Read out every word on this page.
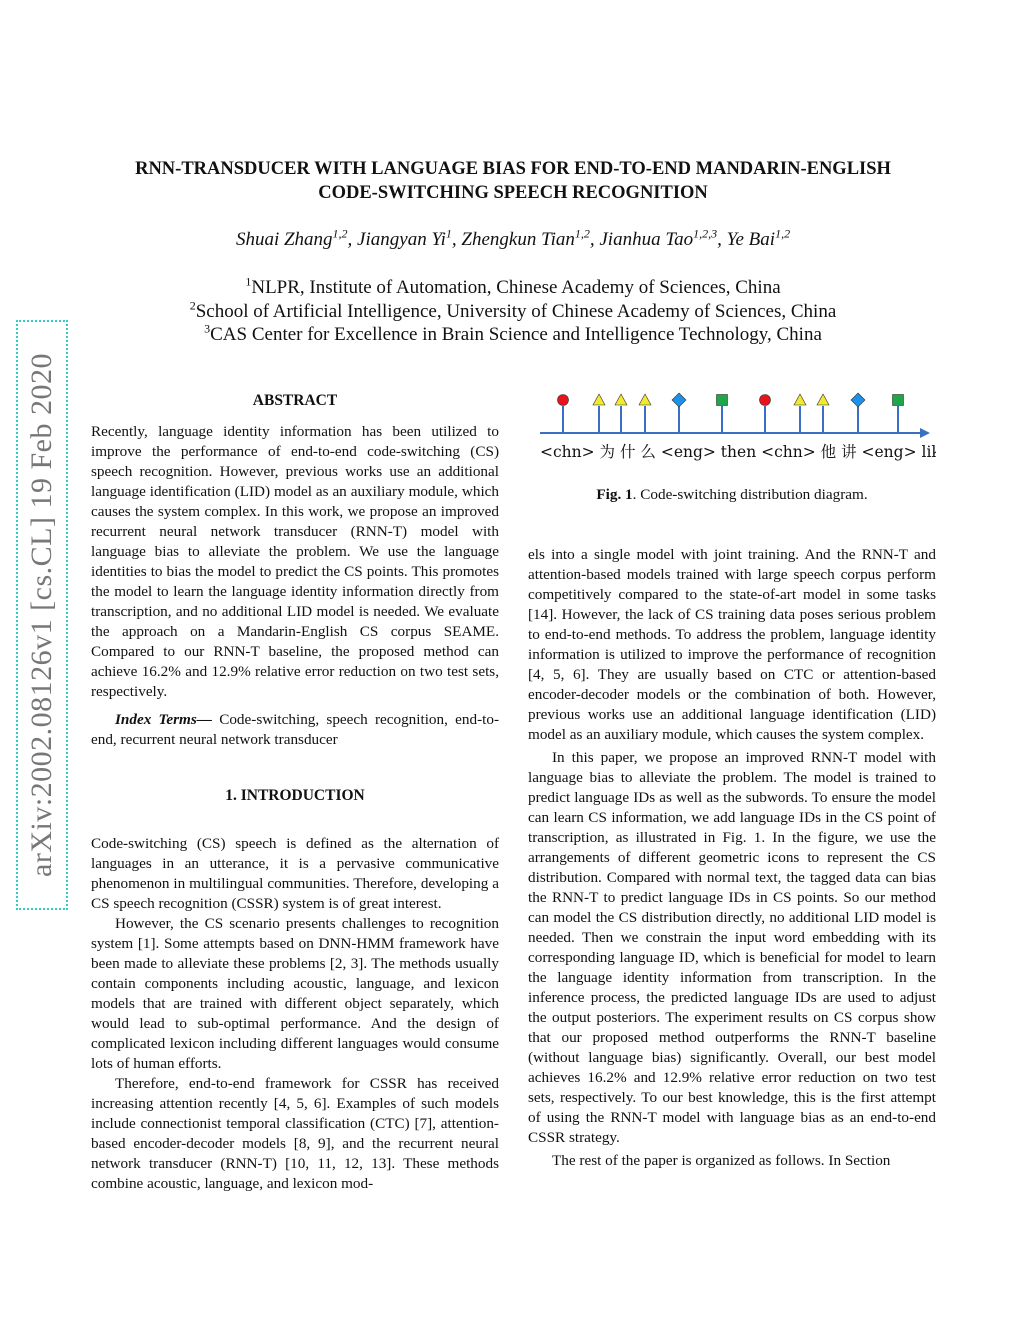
arXiv:2002.08126v1 [cs.CL] 19 Feb 2020
RNN-TRANSDUCER WITH LANGUAGE BIAS FOR END-TO-END MANDARIN-ENGLISH
CODE-SWITCHING SPEECH RECOGNITION
Shuai Zhang$^{1,2}$, Jiangyan Yi$^1$, Zhengkun Tian$^{1,2}$, Jianhua Tao$^{1,2,3}$, Ye Bai$^{1,2}$
$^1$NLPR, Institute of Automation, Chinese Academy of Sciences, China
$^2$School of Artificial Intelligence, University of Chinese Academy of Sciences, China
$^3$CAS Center for Excellence in Brain Science and Intelligence Technology, China
ABSTRACT

Recently, language identity information has been utilized to improve the performance of end-to-end code-switching (CS) speech recognition. However, previous works use an additional language identification (LID) model as an auxiliary module, which causes the system complex. In this work, we propose an improved recurrent neural network transducer (RNN-T) model with language bias to alleviate the problem. We use the language identities to bias the model to predict the CS points. This promotes the model to learn the language identity information directly from transcription, and no additional LID model is needed. We evaluate the approach on a Mandarin-English CS corpus SEAME. Compared to our RNN-T baseline, the proposed method can achieve 16.2% and 12.9% relative error reduction on two test sets, respectively.

Index Terms— Code-switching, speech recognition, end-to-end, recurrent neural network transducer

1. INTRODUCTION

Code-switching (CS) speech is defined as the alternation of languages in an utterance, it is a pervasive communicative phenomenon in multilingual communities. Therefore, developing a CS speech recognition (CSSR) system is of great interest.

However, the CS scenario presents challenges to recognition system [1]. Some attempts based on DNN-HMM framework have been made to alleviate these problems [2, 3]. The methods usually contain components including acoustic, language, and lexicon models that are trained with different object separately, which would lead to sub-optimal performance. And the design of complicated lexicon including different languages would consume lots of human efforts.

Therefore, end-to-end framework for CSSR has received increasing attention recently [4, 5, 6]. Examples of such models include connectionist temporal classification (CTC) [7], attention-based encoder-decoder models [8, 9], and the recurrent neural network transducer (RNN-T) [10, 11, 12, 13]. These methods combine acoustic, language, and lexicon mod-

<chn> 为 什 么 <eng> then <chn> 他 讲 <eng> like
Fig. 1. Code-switching distribution diagram.

els into a single model with joint training. And the RNN-T and attention-based models trained with large speech corpus perform competitively compared to the state-of-art model in some tasks [14]. However, the lack of CS training data poses serious problem to end-to-end methods. To address the problem, language identity information is utilized to improve the performance of recognition [4, 5, 6]. They are usually based on CTC or attention-based encoder-decoder models or the combination of both. However, previous works use an additional language identification (LID) model as an auxiliary module, which causes the system complex.

In this paper, we propose an improved RNN-T model with language bias to alleviate the problem. The model is trained to predict language IDs as well as the subwords. To ensure the model can learn CS information, we add language IDs in the CS point of transcription, as illustrated in Fig. 1. In the figure, we use the arrangements of different geometric icons to represent the CS distribution. Compared with normal text, the tagged data can bias the RNN-T to predict language IDs in CS points. So our method can model the CS distribution directly, no additional LID model is needed. Then we constrain the input word embedding with its corresponding language ID, which is beneficial for model to learn the language identity information from transcription. In the inference process, the predicted language IDs are used to adjust the output posteriors. The experiment results on CS corpus show that our proposed method outperforms the RNN-T baseline (without language bias) significantly. Overall, our best model achieves 16.2% and 12.9% relative error reduction on two test sets, respectively. To our best knowledge, this is the first attempt of using the RNN-T model with language bias as an end-to-end CSSR strategy.

The rest of the paper is organized as follows. In Section
